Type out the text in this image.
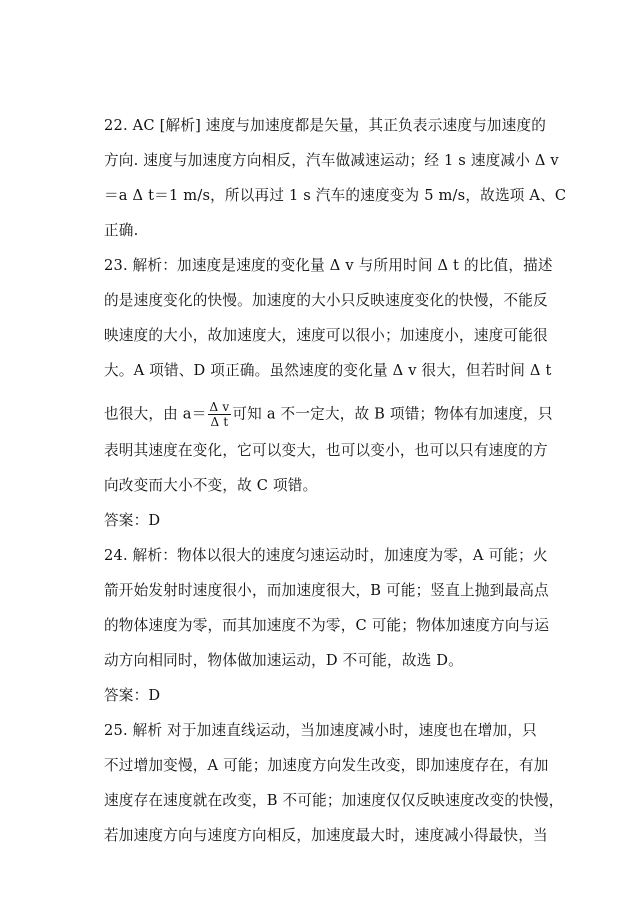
22. AC [解析] 速度与加速度都是矢量，其正负表示速度与加速度的
方向. 速度与加速度方向相反，汽车做减速运动；经 1 s 速度减小 Δ v
＝a Δ t＝1 m/s，所以再过 1 s 汽车的速度变为 5 m/s，故选项 A、C
正确.
23. 解析：加速度是速度的变化量 Δ v 与所用时间 Δ t 的比值，描述
的是速度变化的快慢。加速度的大小只反映速度变化的快慢，不能反
映速度的大小，故加速度大，速度可以很小；加速度小，速度可能很
大。A 项错、D 项正确。虽然速度的变化量 Δ v 很大，但若时间 Δ t
也很大，由 $a= \frac{\text{Δ v}}{\text{Δ t}}$ 可知 a 不一定大，故 B 项错；物体有加速度，只
表明其速度在变化，它可以变大，也可以变小，也可以只有速度的方
向改变而大小不变，故 C 项错。
答案：D
24. 解析：物体以很大的速度匀速运动时，加速度为零，A 可能；火
箭开始发射时速度很小，而加速度很大，B 可能；竖直上抛到最高点
的物体速度为零，而其加速度不为零，C 可能；物体加速度方向与运
动方向相同时，物体做加速运动，D 不可能，故选 D。
答案：D
25. 解析 对于加速直线运动，当加速度减小时，速度也在增加，只
不过增加变慢，A 可能；加速度方向发生改变，即加速度存在，有加
速度存在速度就在改变，B 不可能；加速度仅仅反映速度改变的快慢，
若加速度方向与速度方向相反，加速度最大时，速度减小得最快，当
